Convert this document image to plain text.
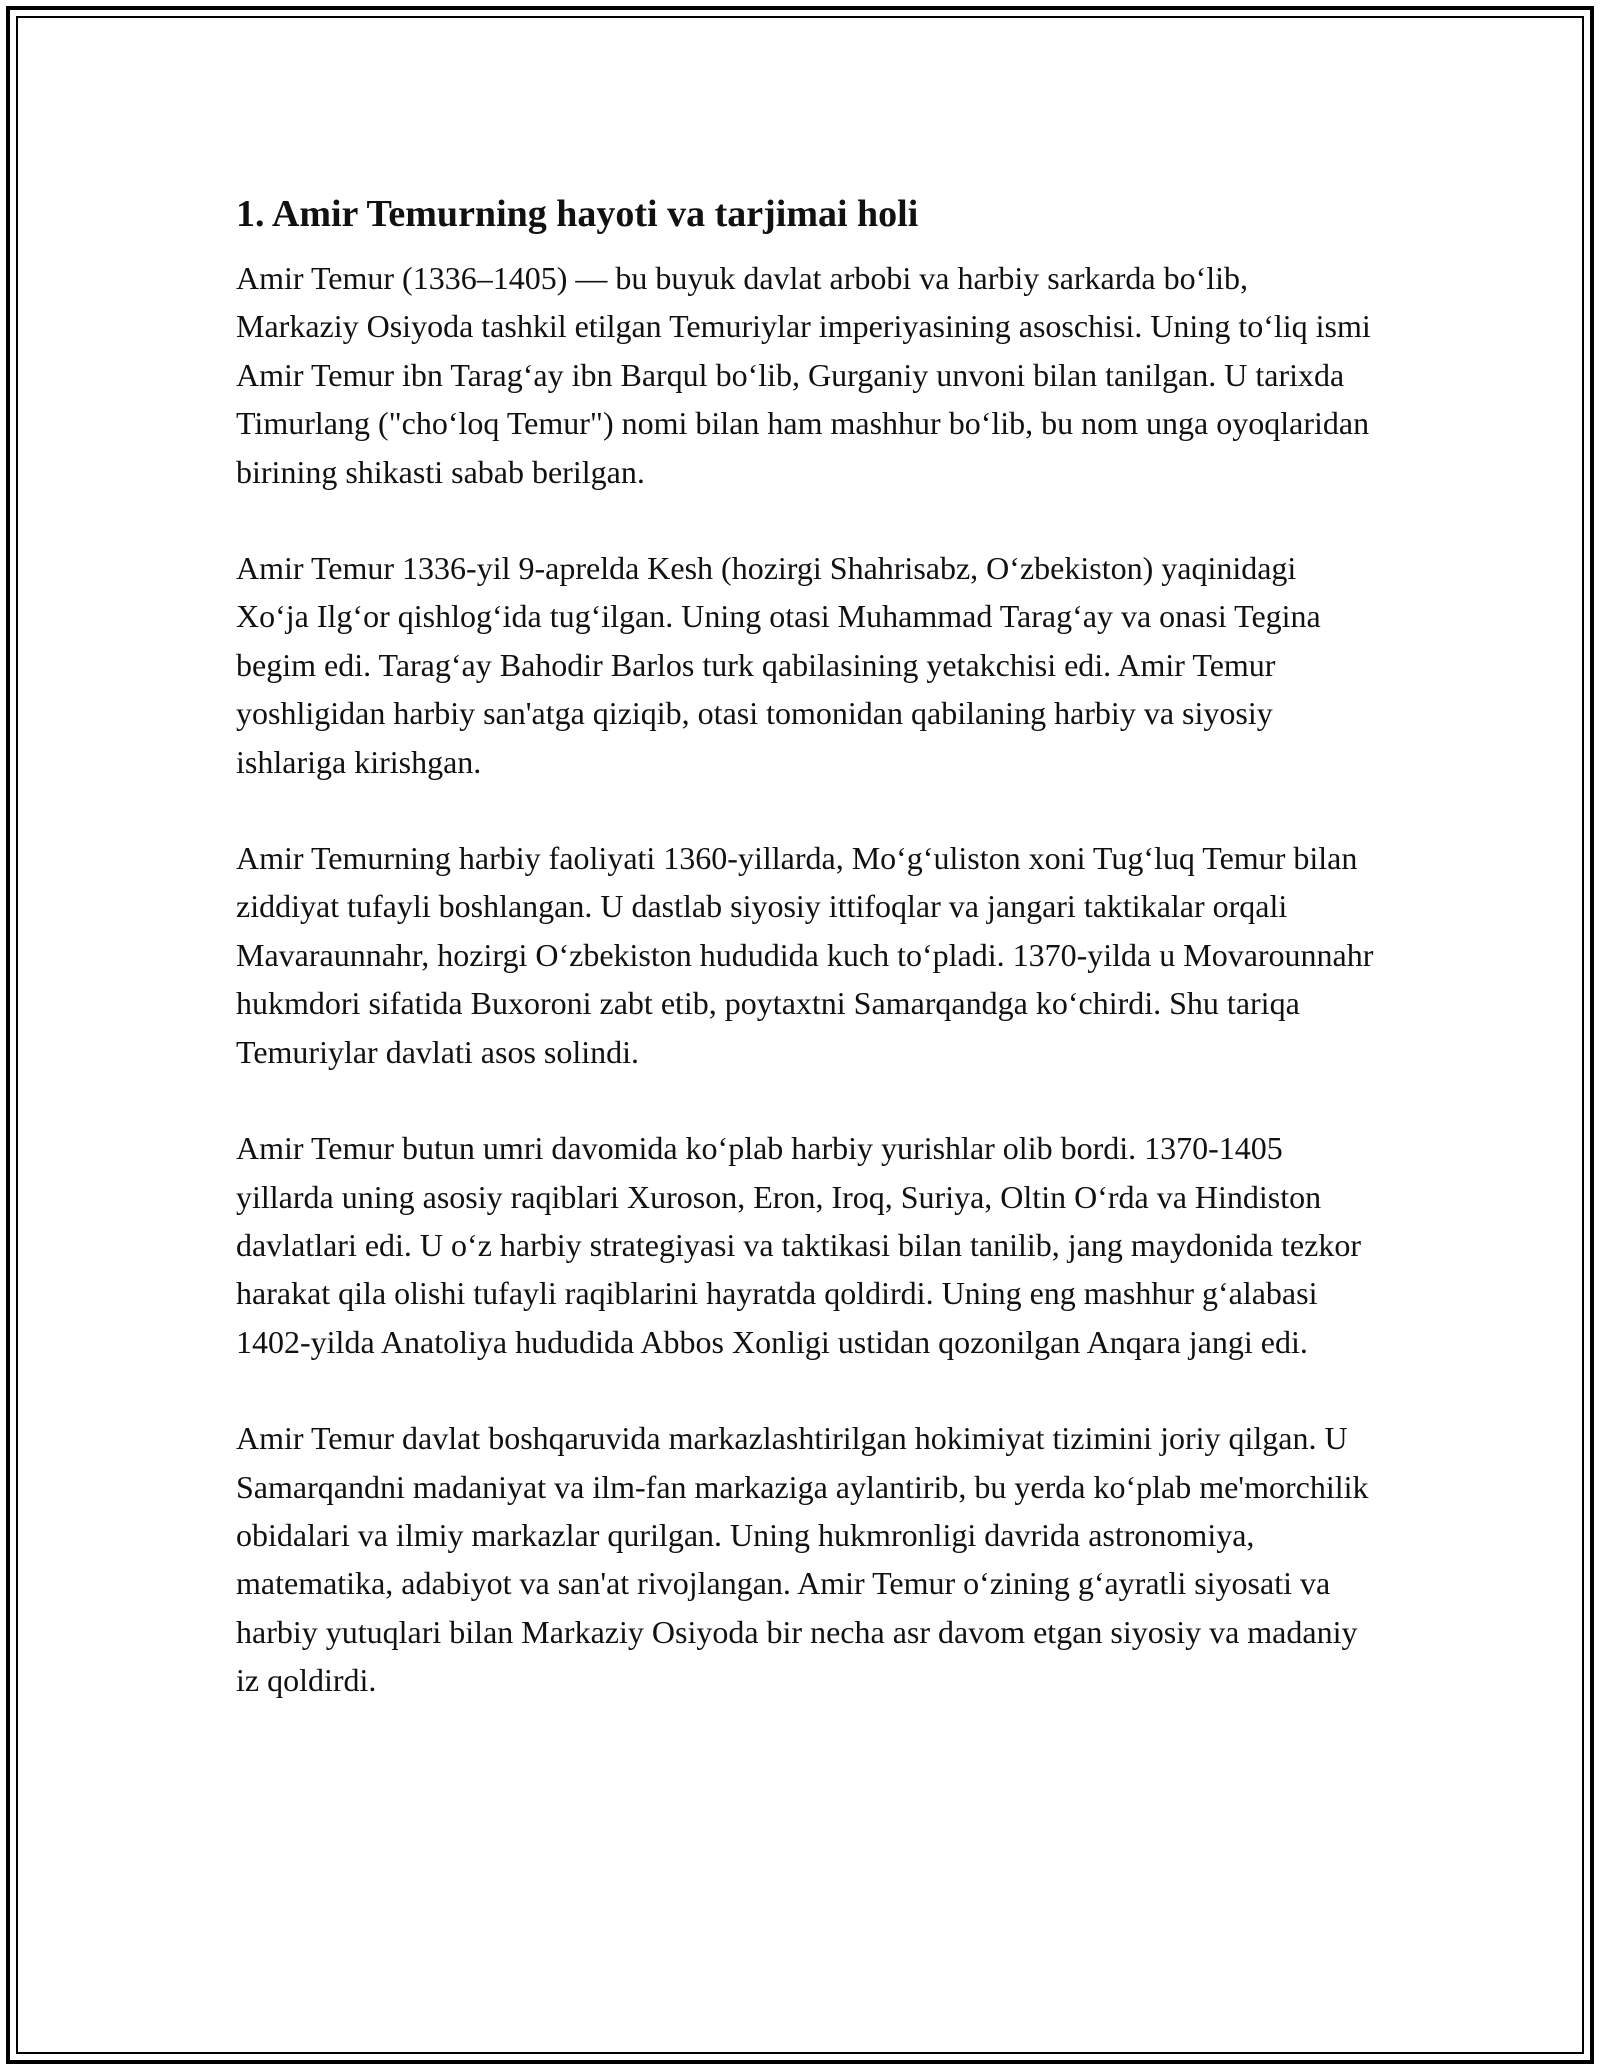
1. Amir Temurning hayoti va tarjimai holi

Amir Temur (1336–1405) — bu buyuk davlat arbobi va harbiy sarkarda bo‘lib, Markaziy Osiyoda tashkil etilgan Temuriylar imperiyasining asoschisi. Uning to‘liq ismi Amir Temur ibn Tarag‘ay ibn Barqul bo‘lib, Gurganiy unvoni bilan tanilgan. U tarixda Timurlang ("cho‘loq Temur") nomi bilan ham mashhur bo‘lib, bu nom unga oyoqlaridan birining shikasti sabab berilgan.

Amir Temur 1336-yil 9-aprelda Kesh (hozirgi Shahrisabz, O‘zbekiston) yaqinidagi Xo‘ja Ilg‘or qishlog‘ida tug‘ilgan. Uning otasi Muhammad Tarag‘ay va onasi Tegina begim edi. Tarag‘ay Bahodir Barlos turk qabilasining yetakchisi edi. Amir Temur yoshligidan harbiy san'atga qiziqib, otasi tomonidan qabilaning harbiy va siyosiy ishlariga kirishgan.

Amir Temurning harbiy faoliyati 1360-yillarda, Mo‘g‘uliston xoni Tug‘luq Temur bilan ziddiyat tufayli boshlangan. U dastlab siyosiy ittifoqlar va jangari taktikalar orqali Mavaraunnahr, hozirgi O‘zbekiston hududida kuch to‘pladi. 1370-yilda u Movarounnahr hukmdori sifatida Buxoroni zabt etib, poytaxtni Samarqandga ko‘chirdi. Shu tariqa Temuriylar davlati asos solindi.

Amir Temur butun umri davomida ko‘plab harbiy yurishlar olib bordi. 1370-1405 yillarda uning asosiy raqiblari Xuroson, Eron, Iroq, Suriya, Oltin O‘rda va Hindiston davlatlari edi. U o‘z harbiy strategiyasi va taktikasi bilan tanilib, jang maydonida tezkor harakat qila olishi tufayli raqiblarini hayratda qoldirdi. Uning eng mashhur g‘alabasi 1402-yilda Anatoliya hududida Abbos Xonligi ustidan qozonilgan Anqara jangi edi.

Amir Temur davlat boshqaruvida markazlashtirilgan hokimiyat tizimini joriy qilgan. U Samarqandni madaniyat va ilm-fan markaziga aylantirib, bu yerda ko‘plab me'morchilik obidalari va ilmiy markazlar qurilgan. Uning hukmronligi davrida astronomiya, matematika, adabiyot va san'at rivojlangan. Amir Temur o‘zining g‘ayratli siyosati va harbiy yutuqlari bilan Markaziy Osiyoda bir necha asr davom etgan siyosiy va madaniy iz qoldirdi.
